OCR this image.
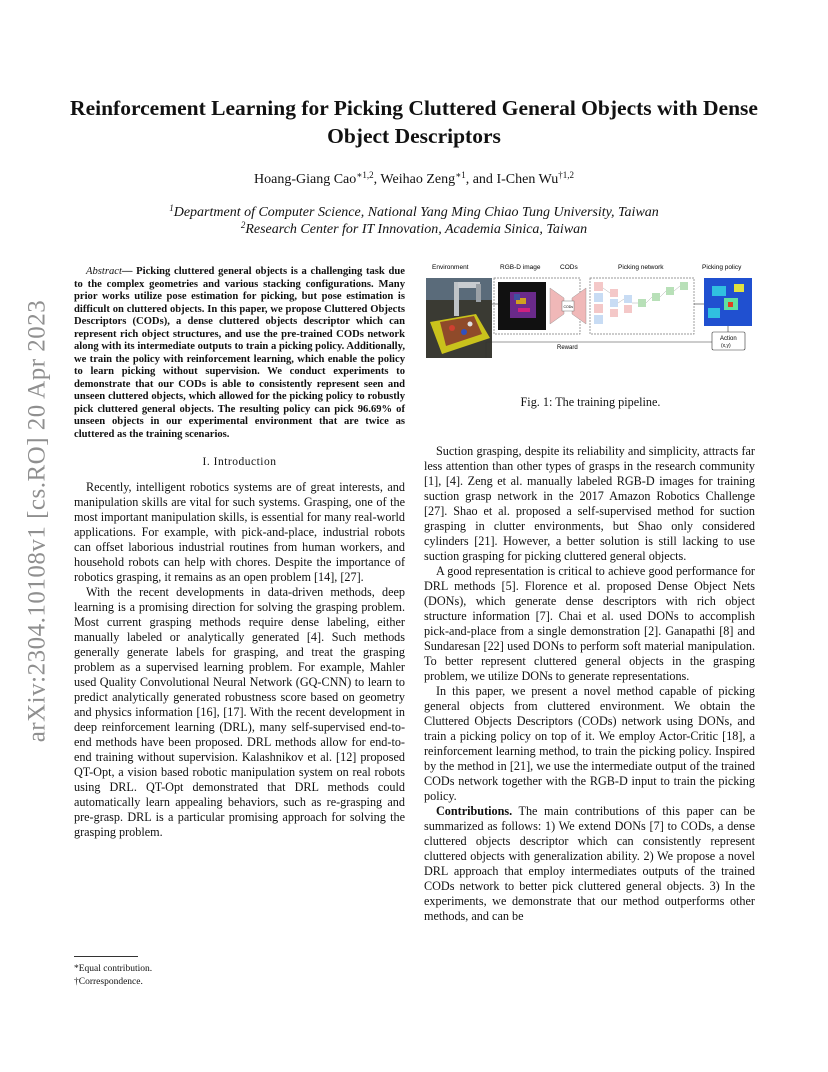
arXiv:2304.10108v1 [cs.RO] 20 Apr 2023
Reinforcement Learning for Picking Cluttered General Objects with Dense Object Descriptors
Hoang-Giang Cao$^{∗1,2}$, Weihao Zeng$^{∗1}$, and I-Chen Wu$^{\dagger 1,2}$
$^1$Department of Computer Science, National Yang Ming Chiao Tung University, Taiwan
$^2$Research Center for IT Innovation, Academia Sinica, Taiwan

Abstract— Picking cluttered general objects is a challenging task due to the complex geometries and various stacking configurations. Many prior works utilize pose estimation for picking, but pose estimation is difficult on cluttered objects. In this paper, we propose Cluttered Objects Descriptors (CODs), a dense cluttered objects descriptor which can represent rich object structures, and use the pre-trained CODs network along with its intermediate outputs to train a picking policy. Additionally, we train the policy with reinforcement learning, which enable the policy to learn picking without supervision. We conduct experiments to demonstrate that our CODs is able to consistently represent seen and unseen cluttered objects, which allowed for the picking policy to robustly pick cluttered general objects. The resulting policy can pick 96.69% of unseen objects in our experimental environment that are twice as cluttered as the training scenarios.

I. Introduction

Recently, intelligent robotics systems are of great interests, and manipulation skills are vital for such systems. Grasping, one of the most important manipulation skills, is essential for many real-world applications. For example, with pick-and-place, industrial robots can offset laborious industrial routines from human workers, and household robots can help with chores. Despite the importance of robotics grasping, it remains as an open problem [14], [27].

With the recent developments in data-driven methods, deep learning is a promising direction for solving the grasping problem. Most current grasping methods require dense labeling, either manually labeled or analytically generated [4]. Such methods generally generate labels for grasping, and treat the grasping problem as a supervised learning problem. For example, Mahler used Quality Convolutional Neural Network (GQ-CNN) to learn to predict analytically generated robustness score based on geometry and physics information [16], [17]. With the recent development in deep reinforcement learning (DRL), many self-supervised end-to-end methods have been proposed. DRL methods allow for end-to-end training without supervision. Kalashnikov et al. [12] proposed QT-Opt, a vision based robotic manipulation system on real robots using DRL. QT-Opt demonstrated that DRL methods could automatically learn appealing behaviors, such as re-grasping and pre-grasp. DRL is a particular promising approach for solving the grasping problem.

*Equal contribution.
†Correspondence.
Environment	RGB-D image	CODs	Picking network	Picking policy
CODs
Action
(x,y)
Reward
Fig. 1: The training pipeline.

Suction grasping, despite its reliability and simplicity, attracts far less attention than other types of grasps in the research community [1], [4]. Zeng et al. manually labeled RGB-D images for training suction grasp network in the 2017 Amazon Robotics Challenge [27]. Shao et al. proposed a self-supervised method for suction grasping in clutter environments, but Shao only considered cylinders [21]. However, a better solution is still lacking to use suction grasping for picking cluttered general objects.

A good representation is critical to achieve good performance for DRL methods [5]. Florence et al. proposed Dense Object Nets (DONs), which generate dense descriptors with rich object structure information [7]. Chai et al. used DONs to accomplish pick-and-place from a single demonstration [2]. Ganapathi [8] and Sundaresan [22] used DONs to perform soft material manipulation. To better represent cluttered general objects in the grasping problem, we utilize DONs to generate representations.

In this paper, we present a novel method capable of picking general objects from cluttered environment. We obtain the Cluttered Objects Descriptors (CODs) network using DONs, and train a picking policy on top of it. We employ Actor-Critic [18], a reinforcement learning method, to train the picking policy. Inspired by the method in [21], we use the intermediate output of the trained CODs network together with the RGB-D input to train the picking policy.

Contributions. The main contributions of this paper can be summarized as follows: 1) We extend DONs [7] to CODs, a dense cluttered objects descriptor which can consistently represent cluttered objects with generalization ability. 2) We propose a novel DRL approach that employ intermediates outputs of the trained CODs network to better pick cluttered general objects. 3) In the experiments, we demonstrate that our method outperforms other methods, and can be
